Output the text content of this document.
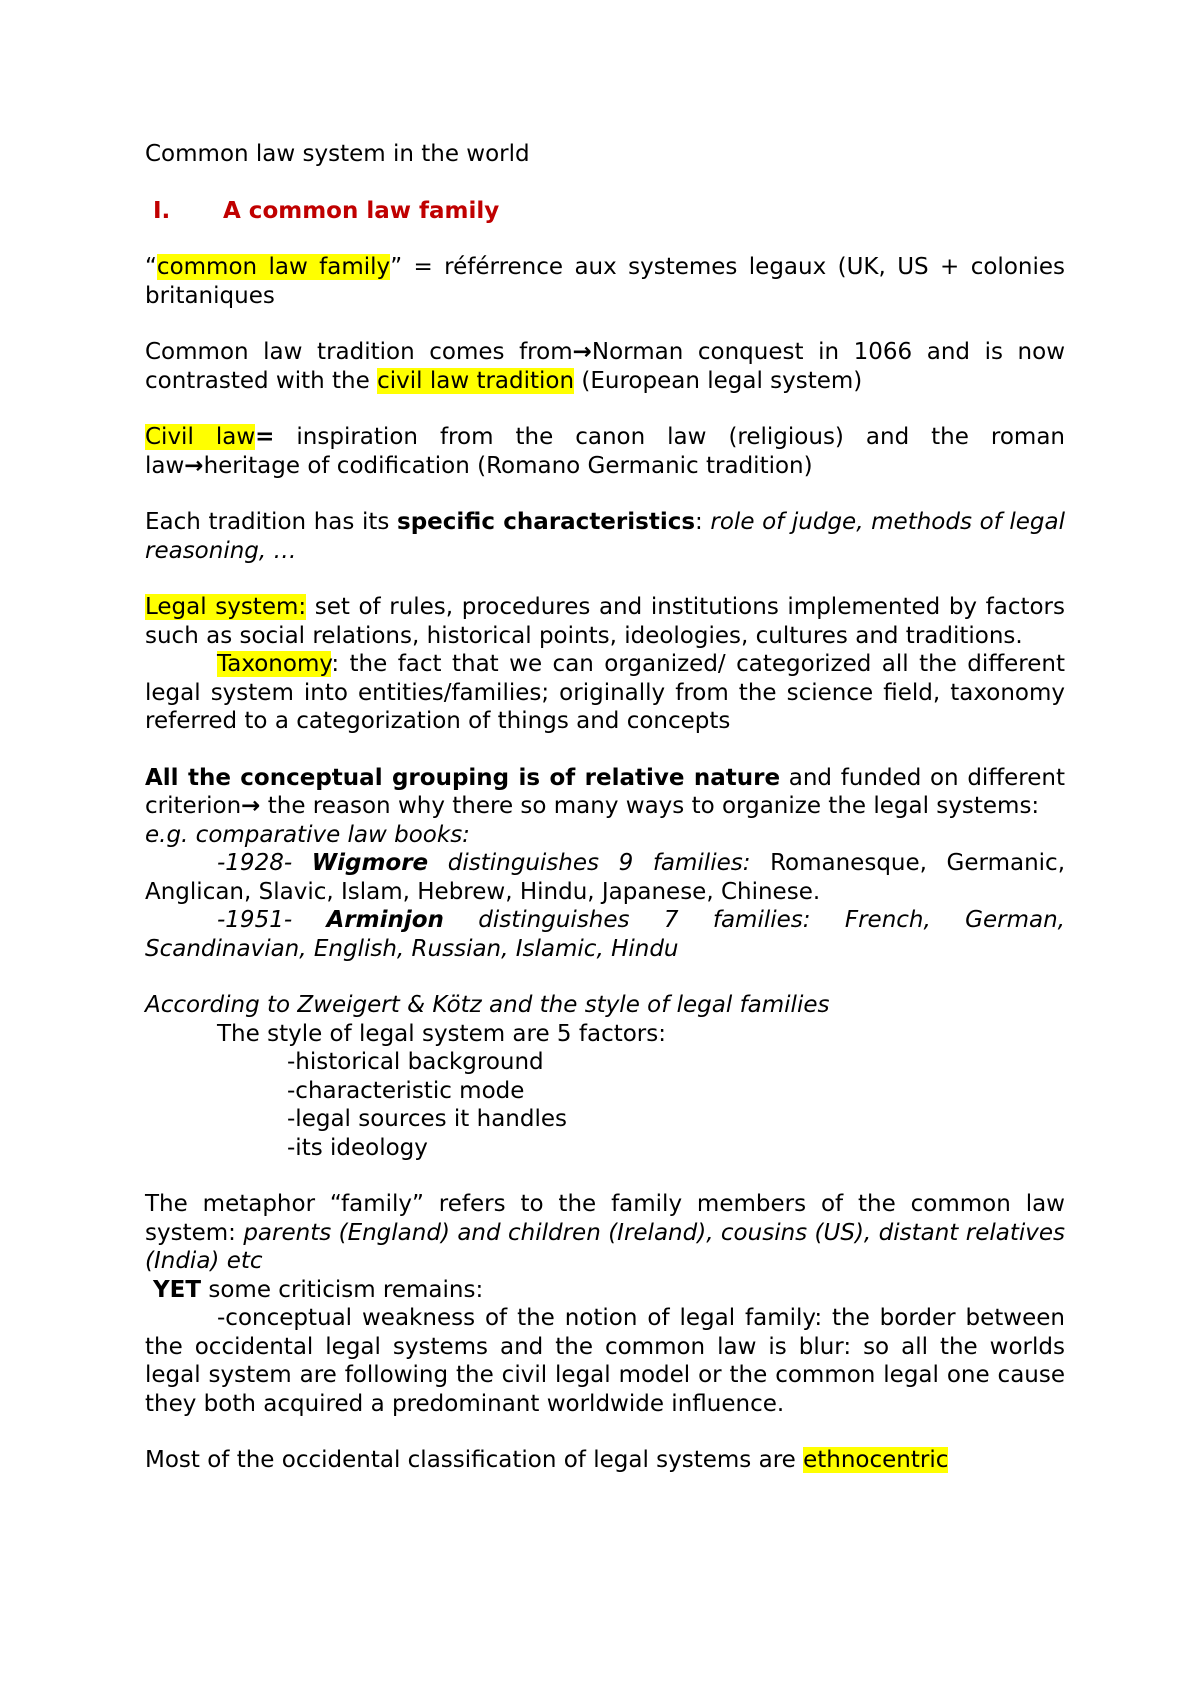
Common law system in the world

I.	A common law family

“common law family” = référrence aux systemes legaux (UK, US + colonies britaniques

Common law tradition comes from→Norman conquest in 1066 and is now contrasted with the civil law tradition (European legal system)

Civil law= inspiration from the canon law (religious) and the roman law→heritage of codification (Romano Germanic tradition)

Each tradition has its specific characteristics: role of judge, methods of legal reasoning, …

Legal system: set of rules, procedures and institutions implemented by factors such as social relations, historical points, ideologies, cultures and traditions.

Taxonomy: the fact that we can organized/ categorized all the different legal system into entities/families; originally from the science field, taxonomy referred to a categorization of things and concepts

All the conceptual grouping is of relative nature and funded on different criterion→ the reason why there so many ways to organize the legal systems:

e.g. comparative law books:

-1928- Wigmore distinguishes 9 families: Romanesque, Germanic, Anglican, Slavic, Islam, Hebrew, Hindu, Japanese, Chinese.

-1951- Arminjon distinguishes 7 families: French, German, Scandinavian, English, Russian, Islamic, Hindu

According to Zweigert & Kötz and the style of legal families

The style of legal system are 5 factors:

-historical background

-characteristic mode

-legal sources it handles

-its ideology

The metaphor “family” refers to the family members of the common law system: parents (England) and children (Ireland), cousins (US), distant relatives (India) etc

YET some criticism remains:

-conceptual weakness of the notion of legal family: the border between the occidental legal systems and the common law is blur: so all the worlds legal system are following the civil legal model or the common legal one cause they both acquired a predominant worldwide influence.

Most of the occidental classification of legal systems are ethnocentric
